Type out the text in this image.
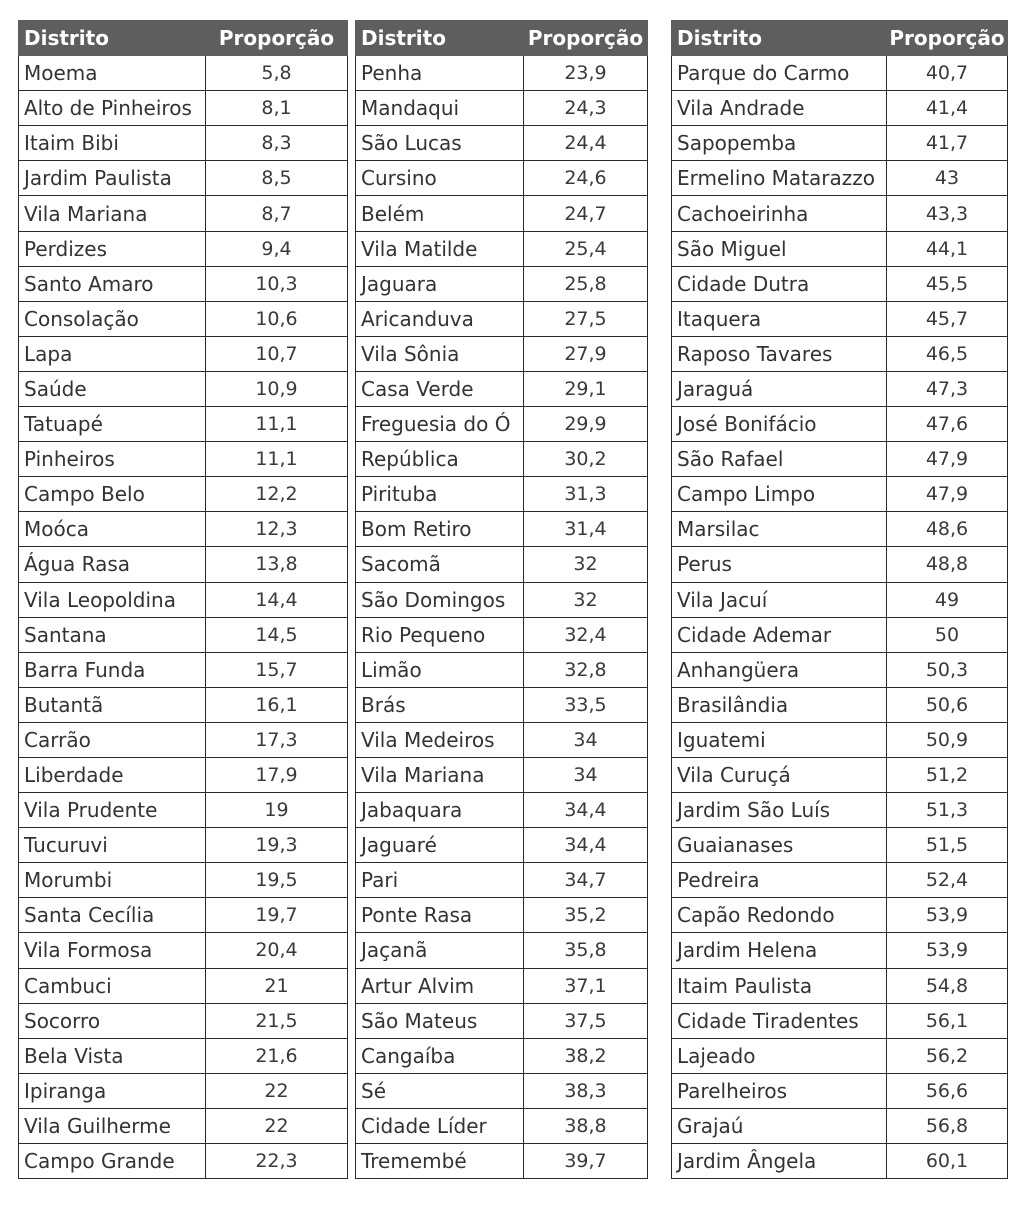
Distrito	Proporção
Moema	5,8
Alto de Pinheiros	8,1
Itaim Bibi	8,3
Jardim Paulista	8,5
Vila Mariana	8,7
Perdizes	9,4
Santo Amaro	10,3
Consolação	10,6
Lapa	10,7
Saúde	10,9
Tatuapé	11,1
Pinheiros	11,1
Campo Belo	12,2
Moóca	12,3
Água Rasa	13,8
Vila Leopoldina	14,4
Santana	14,5
Barra Funda	15,7
Butantã	16,1
Carrão	17,3
Liberdade	17,9
Vila Prudente	19
Tucuruvi	19,3
Morumbi	19,5
Santa Cecília	19,7
Vila Formosa	20,4
Cambuci	21
Socorro	21,5
Bela Vista	21,6
Ipiranga	22
Vila Guilherme	22
Campo Grande	22,3
Distrito	Proporção
Penha	23,9
Mandaqui	24,3
São Lucas	24,4
Cursino	24,6
Belém	24,7
Vila Matilde	25,4
Jaguara	25,8
Aricanduva	27,5
Vila Sônia	27,9
Casa Verde	29,1
Freguesia do Ó	29,9
República	30,2
Pirituba	31,3
Bom Retiro	31,4
Sacomã	32
São Domingos	32
Rio Pequeno	32,4
Limão	32,8
Brás	33,5
Vila Medeiros	34
Vila Mariana	34
Jabaquara	34,4
Jaguaré	34,4
Pari	34,7
Ponte Rasa	35,2
Jaçanã	35,8
Artur Alvim	37,1
São Mateus	37,5
Cangaíba	38,2
Sé	38,3
Cidade Líder	38,8
Tremembé	39,7
Distrito	Proporção
Parque do Carmo	40,7
Vila Andrade	41,4
Sapopemba	41,7
Ermelino Matarazzo	43
Cachoeirinha	43,3
São Miguel	44,1
Cidade Dutra	45,5
Itaquera	45,7
Raposo Tavares	46,5
Jaraguá	47,3
José Bonifácio	47,6
São Rafael	47,9
Campo Limpo	47,9
Marsilac	48,6
Perus	48,8
Vila Jacuí	49
Cidade Ademar	50
Anhangüera	50,3
Brasilândia	50,6
Iguatemi	50,9
Vila Curuçá	51,2
Jardim São Luís	51,3
Guaianases	51,5
Pedreira	52,4
Capão Redondo	53,9
Jardim Helena	53,9
Itaim Paulista	54,8
Cidade Tiradentes	56,1
Lajeado	56,2
Parelheiros	56,6
Grajaú	56,8
Jardim Ângela	60,1
